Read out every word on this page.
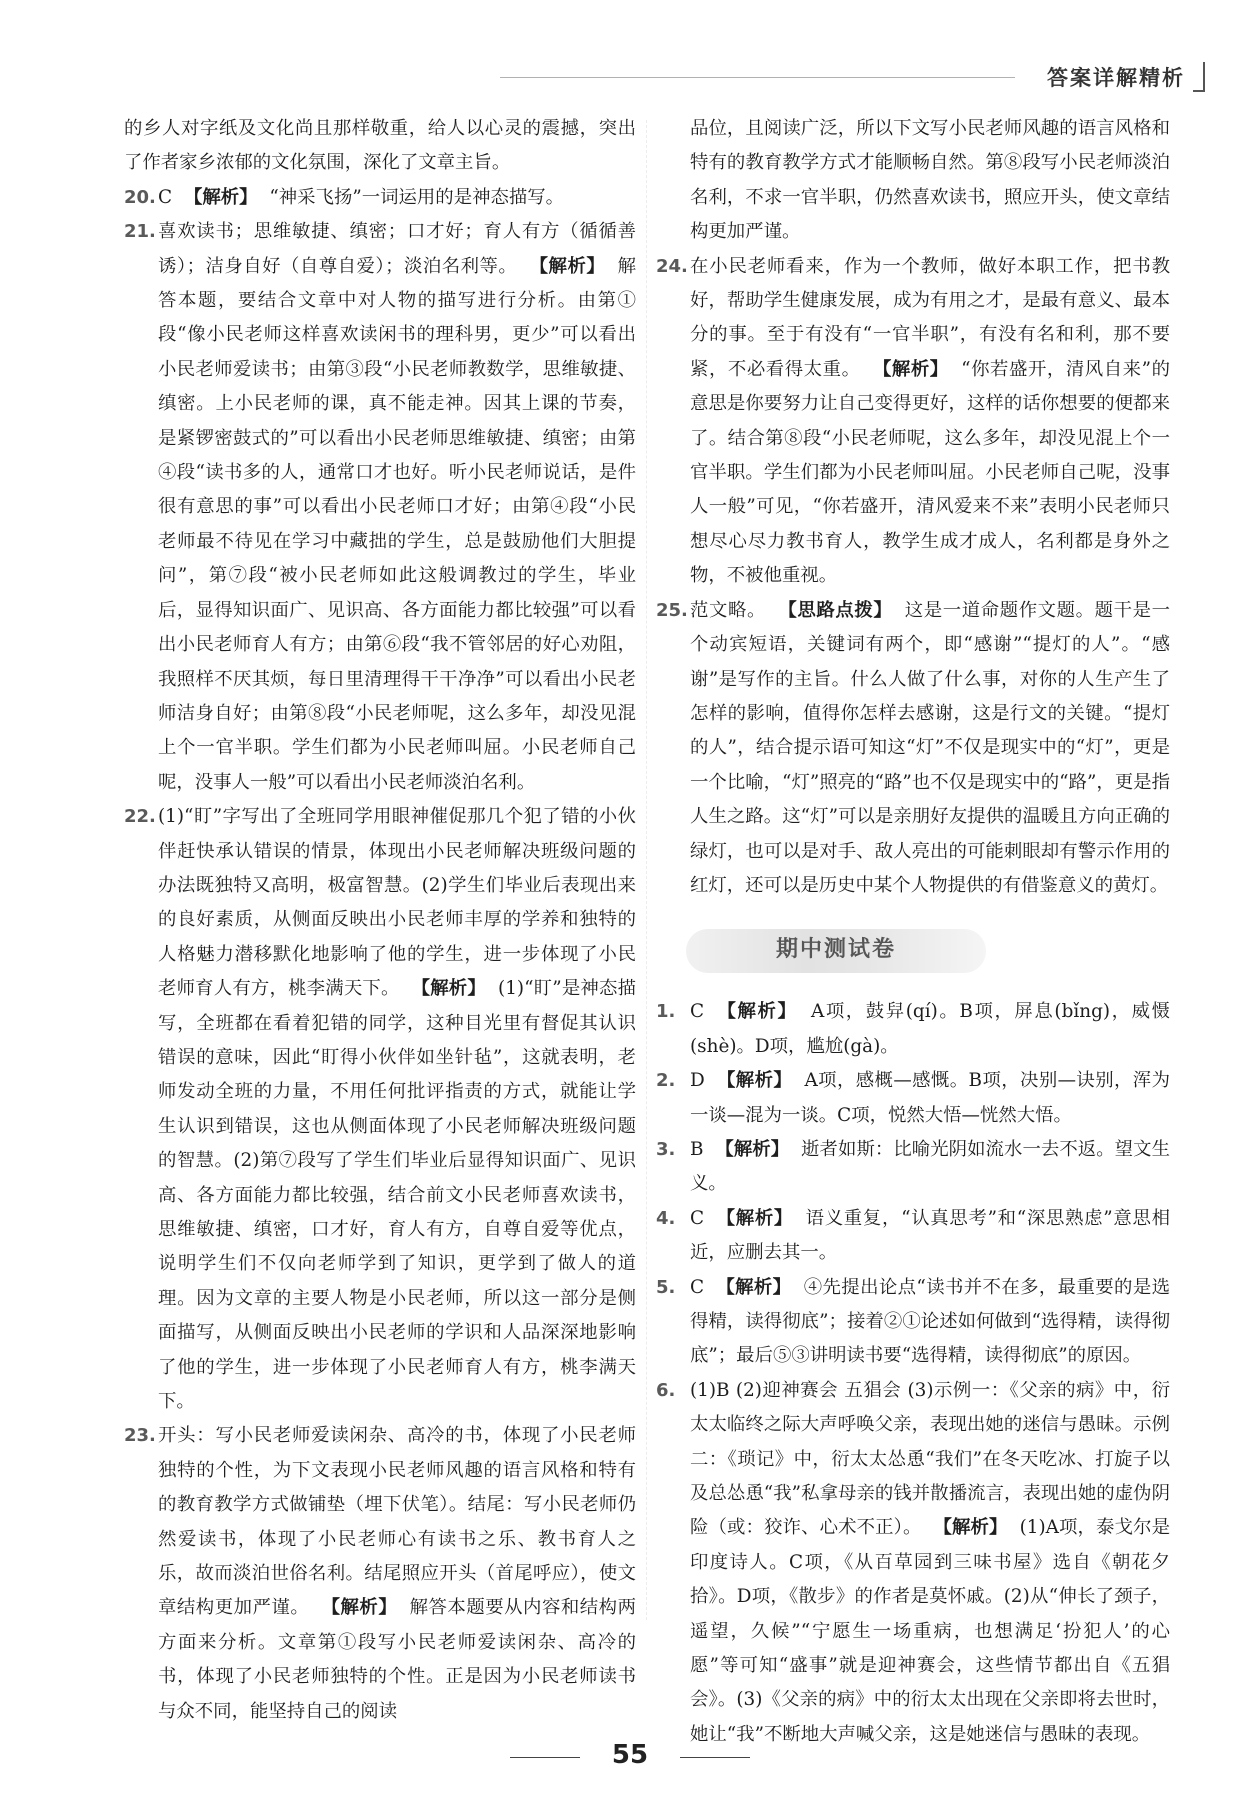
答案详解精析

的乡人对字纸及文化尚且那样敬重，给人以心灵的震撼，突出了作者家乡浓郁的文化氛围，深化了文章主旨。

20. C 【解析】 “神采飞扬”一词运用的是神态描写。
21. 喜欢读书；思维敏捷、缜密；口才好；育人有方（循循善诱）；洁身自好（自尊自爱）；淡泊名利等。 【解析】 解答本题，要结合文章中对人物的描写进行分析。由第①段“像小民老师这样喜欢读闲书的理科男，更少”可以看出小民老师爱读书；由第③段“小民老师教数学，思维敏捷、缜密。上小民老师的课，真不能走神。因其上课的节奏，是紧锣密鼓式的”可以看出小民老师思维敏捷、缜密；由第④段“读书多的人，通常口才也好。听小民老师说话，是件很有意思的事”可以看出小民老师口才好；由第④段“小民老师最不待见在学习中藏拙的学生，总是鼓励他们大胆提问”，第⑦段“被小民老师如此这般调教过的学生，毕业后，显得知识面广、见识高、各方面能力都比较强”可以看出小民老师育人有方；由第⑥段“我不管邻居的好心劝阻，我照样不厌其烦，每日里清理得干干净净”可以看出小民老师洁身自好；由第⑧段“小民老师呢，这么多年，却没见混上个一官半职。学生们都为小民老师叫屈。小民老师自己呢，没事人一般”可以看出小民老师淡泊名利。
22. (1)“盯”字写出了全班同学用眼神催促那几个犯了错的小伙伴赶快承认错误的情景，体现出小民老师解决班级问题的办法既独特又高明，极富智慧。(2)学生们毕业后表现出来的良好素质，从侧面反映出小民老师丰厚的学养和独特的人格魅力潜移默化地影响了他的学生，进一步体现了小民老师育人有方，桃李满天下。 【解析】 (1)“盯”是神态描写，全班都在看着犯错的同学，这种目光里有督促其认识错误的意味，因此“盯得小伙伴如坐针毡”，这就表明，老师发动全班的力量，不用任何批评指责的方式，就能让学生认识到错误，这也从侧面体现了小民老师解决班级问题的智慧。(2)第⑦段写了学生们毕业后显得知识面广、见识高、各方面能力都比较强，结合前文小民老师喜欢读书，思维敏捷、缜密，口才好，育人有方，自尊自爱等优点，说明学生们不仅向老师学到了知识，更学到了做人的道理。因为文章的主要人物是小民老师，所以这一部分是侧面描写，从侧面反映出小民老师的学识和人品深深地影响了他的学生，进一步体现了小民老师育人有方，桃李满天下。
23. 开头：写小民老师爱读闲杂、高冷的书，体现了小民老师独特的个性，为下文表现小民老师风趣的语言风格和特有的教育教学方式做铺垫（埋下伏笔）。结尾：写小民老师仍然爱读书，体现了小民老师心有读书之乐、教书育人之乐，故而淡泊世俗名利。结尾照应开头（首尾呼应），使文章结构更加严谨。 【解析】 解答本题要从内容和结构两方面来分析。文章第①段写小民老师爱读闲杂、高冷的书，体现了小民老师独特的个性。正是因为小民老师读书与众不同，能坚持自己的阅读

品位，且阅读广泛，所以下文写小民老师风趣的语言风格和特有的教育教学方式才能顺畅自然。第⑧段写小民老师淡泊名利，不求一官半职，仍然喜欢读书，照应开头，使文章结构更加严谨。

24. 在小民老师看来，作为一个教师，做好本职工作，把书教好，帮助学生健康发展，成为有用之才，是最有意义、最本分的事。至于有没有“一官半职”，有没有名和利，那不要紧，不必看得太重。 【解析】 “你若盛开，清风自来”的意思是你要努力让自己变得更好，这样的话你想要的便都来了。结合第⑧段“小民老师呢，这么多年，却没见混上个一官半职。学生们都为小民老师叫屈。小民老师自己呢，没事人一般”可见，“你若盛开，清风爱来不来”表明小民老师只想尽心尽力教书育人，教学生成才成人，名利都是身外之物，不被他重视。
25. 范文略。 【思路点拨】 这是一道命题作文题。题干是一个动宾短语，关键词有两个，即“感谢”“提灯的人”。“感谢”是写作的主旨。什么人做了什么事，对你的人生产生了怎样的影响，值得你怎样去感谢，这是行文的关键。“提灯的人”，结合提示语可知这“灯”不仅是现实中的“灯”，更是一个比喻，“灯”照亮的“路”也不仅是现实中的“路”，更是指人生之路。这“灯”可以是亲朋好友提供的温暖且方向正确的绿灯，也可以是对手、敌人亮出的可能刺眼却有警示作用的红灯，还可以是历史中某个人物提供的有借鉴意义的黄灯。
期中测试卷
1. C 【解析】 A项，鼓舁(qí)。B项，屏息(bǐng)，威慑(shè)。D项，尴尬(gà)。
2. D 【解析】 A项，感概—感慨。B项，决别—诀别，浑为一谈—混为一谈。C项，悦然大悟—恍然大悟。
3. B 【解析】 逝者如斯：比喻光阴如流水一去不返。望文生义。
4. C 【解析】 语义重复，“认真思考”和“深思熟虑”意思相近，应删去其一。
5. C 【解析】 ④先提出论点“读书并不在多，最重要的是选得精，读得彻底”；接着②①论述如何做到“选得精，读得彻底”；最后⑤③讲明读书要“选得精，读得彻底”的原因。
6. (1)B (2)迎神赛会 五猖会 (3)示例一：《父亲的病》中，衍太太临终之际大声呼唤父亲，表现出她的迷信与愚昧。示例二：《琐记》中，衍太太怂恿“我们”在冬天吃冰、打旋子以及总怂恿“我”私拿母亲的钱并散播流言，表现出她的虚伪阴险（或：狡诈、心术不正）。 【解析】 (1)A项，泰戈尔是印度诗人。C项，《从百草园到三味书屋》选自《朝花夕拾》。D项，《散步》的作者是莫怀戚。(2)从“伸长了颈子，遥望，久候”“宁愿生一场重病，也想满足‘扮犯人’的心愿”等可知“盛事”就是迎神赛会，这些情节都出自《五猖会》。(3)《父亲的病》中的衍太太出现在父亲即将去世时，她让“我”不断地大声喊父亲，这是她迷信与愚昧的表现。
55
